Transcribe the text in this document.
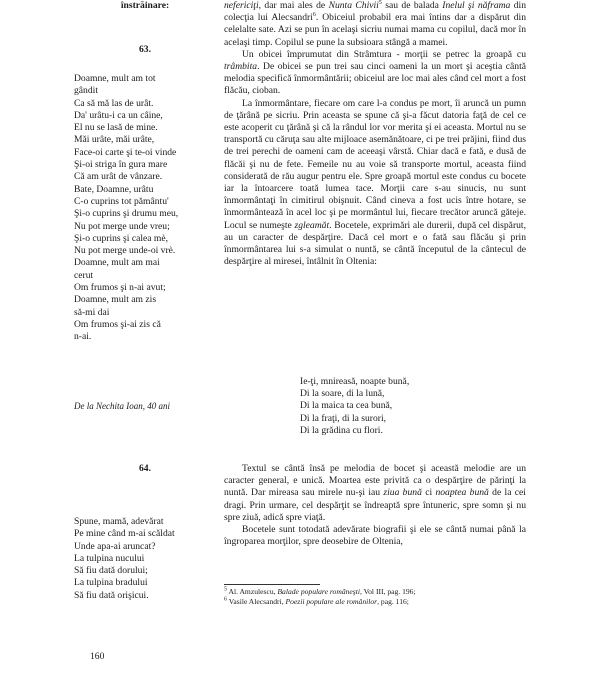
înstrăinare:
63.
Doamne, mult am tot
gândit
Ca să mă las de urât.
Da' urâtu-i ca un câine,
El nu se lasă de mine.
Măi urâte, măi urâte,
Face-oi carte şi te-oi vinde
Şi-oi striga în gura mare
Că am urât de vânzare.
Bate, Doamne, urâtu
C-o cuprins tot pământu'
Şi-o cuprins şi drumu meu,
Nu pot merge unde vreu;
Şi-o cuprins şi calea mè,
Nu pot merge unde-oi vrè.
Doamne, mult am mai
cerut
Om frumos şi n-ai avut;
Doamne, mult am zis
să-mi dai
Om frumos şi-ai zis că
n-ai.
De la Nechita Ioan, 40 ani
64.
Spune, mamă, adevărat
Pe mine când m-ai scăldat
Unde apa-ai aruncat?
La tulpina nucului
Să fiu dată dorului;
La tulpina bradului
Să fiu dată orişicui.

nefericiţi, dar mai ales de Nunta Chivii$^5$ sau de balada Inelul şi năframa din colecţia lui Alecsandri$^6$. Obiceiul probabil era mai întins dar a dispărut din celelalte sate. Azi se pun în acelaşi sicriu numai mama cu copilul, dacă mor în acelaşi timp. Copilul se pune la subsioara stângă a mamei.

Un obicei împrumutat din Strâmtura - morţii se petrec la groapă cu trâmbita. De obicei se pun trei sau cinci oameni la un mort şi aceştia cântă melodia specifică înmormântării; obiceiul are loc mai ales când cel mort a fost flăcău, cioban.

La înmormântare, fiecare om care l-a condus pe mort, îi aruncă un pumn de ţărână pe sicriu. Prin aceasta se spune că şi-a făcut datoria faţă de cel ce este acoperit cu ţărână şi că la rândul lor vor merita şi ei aceasta. Mortul nu se transportă cu căruţa sau alte mijloace asemănătoare, ci pe trei prăjini, fiind dus de trei perechi de oameni cam de aceeaşi vârstă. Chiar dacă e fată, e dusă de flăcăi şi nu de fete. Femeile nu au voie să transporte mortul, aceasta fiind considerată de rău augur pentru ele. Spre groapă mortul este condus cu bocete iar la întoarcere toată lumea tace. Morţii care s-au sinucis, nu sunt înmormântaţi în cimitirul obişnuit. Când cineva a fost ucis între hotare, se înmormântează în acel loc şi pe mormântul lui, fiecare trecător aruncă găteje. Locul se numeşte zgleamăt. Bocetele, exprimări ale durerii, după cel dispărut, au un caracter de despărţire. Dacă cel mort e o fată sau flăcău şi prin înmormântarea lui s-a simulat o nuntă, se cântă începutul de la cântecul de despărţire al miresei, întâlnit în Oltenia:

Ie-ţi, mnireasă, noapte bună,
Di la soare, di la lună,
Di la maica ta cea bună,
Di la fraţi, di la surori,
Di la grădina cu flori.

Textul se cântă însă pe melodia de bocet şi această melodie are un caracter general, e unică. Moartea este privită ca o despărţire de părinţi la nuntă. Dar mireasa sau mirele nu-şi iau ziua bună ci noaptea bună de la cei dragi. Prin urmare, cel despărţit se îndreaptă spre întuneric, spre somn şi nu spre ziuă, adică spre viaţă.

Bocetele sunt totodată adevărate biografii şi ele se cântă numai până la îngroparea morţilor, spre deosebire de Oltenia,

$^5$ Al. Amzulescu, Balade populare româneşti, Vol III, pag. 196;
$^6$ Vasile Alecsandri, Poezii populare ale românilor, pag. 116;
160
